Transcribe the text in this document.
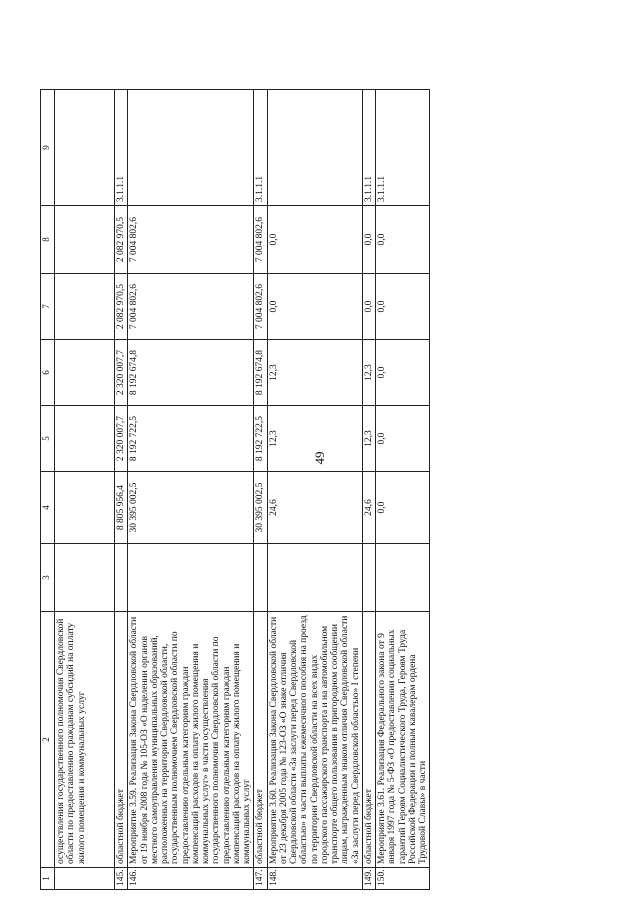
49
1	2	3	4	5	6	7	8	9
	осуществления государственного полномочия Свердловской области по предоставлению гражданам субсидий на оплату жилого помещения и коммунальных услуг							
145.	областной бюджет		8 805 956,4	2 320 007,7	2 320 007,7	2 082 970,5	2 082 970,5	3.1.1.1
146.	Мероприятие 3.59. Реализация Закона Свердловской области от 19 ноября 2008 года № 105-ОЗ «О наделении органов местного самоуправления муниципальных образований, расположенных на территории Свердловской области, государственным полномочием Свердловской области по предоставлению отдельным категориям граждан компенсаций расходов на оплату жилого помещения и коммунальных услуг» в части осуществления государственного полномочия Свердловской области по предоставлению отдельным категориям граждан компенсаций расходов на оплату жилого помещения и коммунальных услуг		30 395 002,5	8 192 722,5	8 192 674,8	7 004 802,6	7 004 802,6	
147.	областной бюджет		30 395 002,5	8 192 722,5	8 192 674,8	7 004 802,6	7 004 802,6	3.1.1.1
148.	Мероприятие 3.60. Реализация Закона Свердловской области от 23 декабря 2005 года № 123-ОЗ «О знаке отличия Свердловской области «За заслуги перед Свердловской областью» в части выплаты ежемесячного пособия на проезд по территории Свердловской области на всех видах городского пассажирского транспорта и на автомобильном транспорте общего пользования в пригородном сообщении лицам, награжденным знаком отличия Свердловской области «За заслуги перед Свердловской областью» I степени		24,6	12,3	12,3	0,0	0,0	
149.	областной бюджет		24,6	12,3	12,3	0,0	0,0	3.1.1.1
150.	Мероприятие 3.61. Реализация Федерального закона от 9 января 1997 года № 5-ФЗ «О предоставлении социальных гарантий Героям Социалистического Труда, Героям Труда Российской Федерации и полным кавалерам ордена Трудовой Славы» в части		0,0	0,0	0,0	0,0	0,0	3.1.1.1
